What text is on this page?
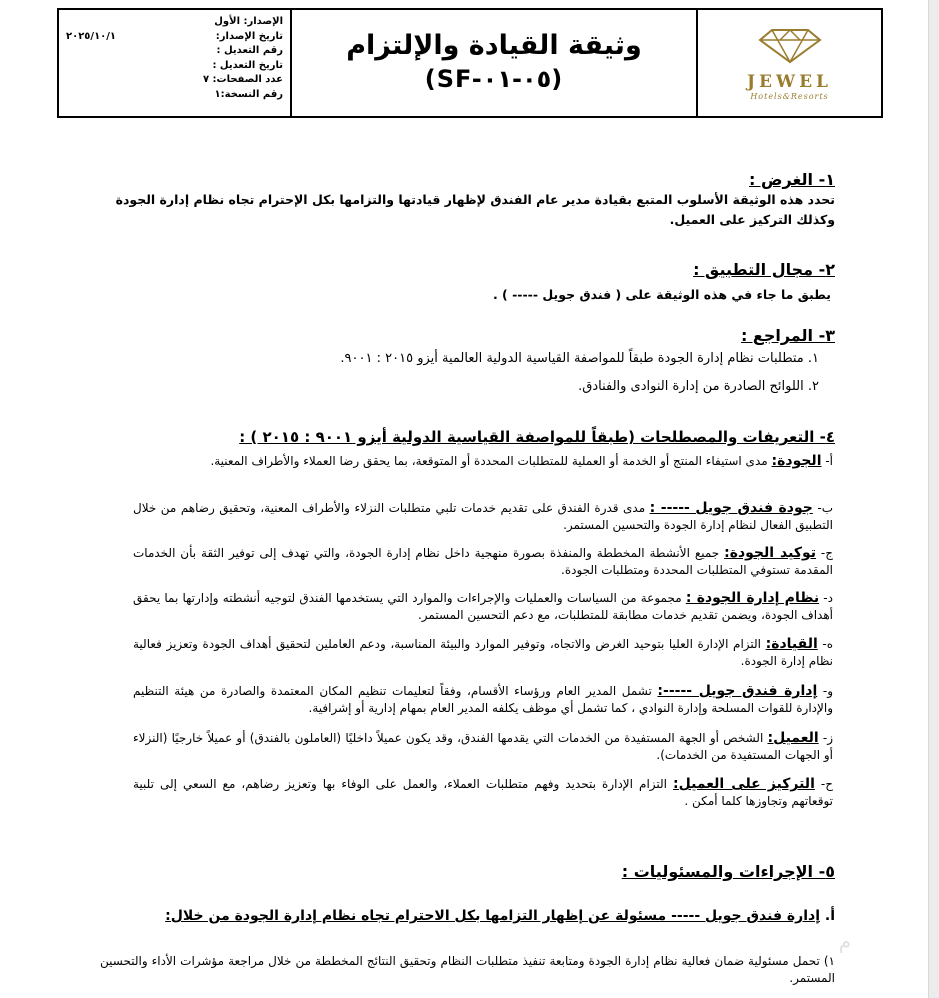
الإصدار: الأول
تاريخ الإصدار:
٢٠٢٥/١٠/١
رقم التعديل :
تاريخ التعديل :
عدد الصفحات: ٧
رقم النسخة:١
وثيقة القيادة والإلتزام
(SF-٠٥-٠١)	JEWEL
Hotels&Resorts
١- الغرض :
تحدد هذه الوثيقة الأسلوب المتبع بقيادة مدير عام الفندق لإظهار قيادتها والتزامها بكل الإحترام تجاه نظام إدارة الجودة وكذلك التركيز على العميل.
٢- مجال التطبيق :
يطبق ما جاء في هذه الوثيقة على ( فندق جويل ----- ) .
٣- المراجع :
١. متطلبات نظام إدارة الجودة طبقاً للمواصفة القياسية الدولية العالمية أيزو ٢٠١٥ : ٩٠٠١.
٢. اللوائح الصادرة من إدارة النوادى والفنادق.
٤- التعريفات والمصطلحات (طبقاً للمواصفة القياسية الدولية أيزو ٩٠٠١ : ٢٠١٥ ) :
أ- الجودة: مدى استيفاء المنتج أو الخدمة أو العملية للمتطلبات المحددة أو المتوقعة، بما يحقق رضا العملاء والأطراف المعنية.
ب- جودة فندق جويل ----- : مدى قدرة الفندق على تقديم خدمات تلبي متطلبات النزلاء والأطراف المعنية، وتحقيق رضاهم من خلال التطبيق الفعال لنظام إدارة الجودة والتحسين المستمر.
ج- توكيد الجودة: جميع الأنشطة المخططة والمنفذة بصورة منهجية داخل نظام إدارة الجودة، والتي تهدف إلى توفير الثقة بأن الخدمات المقدمة تستوفي المتطلبات المحددة ومتطلبات الجودة.
د- نظام إدارة الجودة : مجموعة من السياسات والعمليات والإجراءات والموارد التي يستخدمها الفندق لتوجيه أنشطته وإدارتها بما يحقق أهداف الجودة، ويضمن تقديم خدمات مطابقة للمتطلبات، مع دعم التحسين المستمر.
ه- القيادة: التزام الإدارة العليا بتوحيد الغرض والاتجاه، وتوفير الموارد والبيئة المناسبة، ودعم العاملين لتحقيق أهداف الجودة وتعزيز فعالية نظام إدارة الجودة.
و- إدارة فندق جويل -----: تشمل المدير العام ورؤساء الأقسام، وفقاً لتعليمات تنظيم المكان المعتمدة والصادرة من هيئة التنظيم والإدارة للقوات المسلحة وإدارة النوادي ، كما تشمل أي موظف يكلفه المدير العام بمهام إدارية أو إشرافية.
ز- العميل: الشخص أو الجهة المستفيدة من الخدمات التي يقدمها الفندق، وقد يكون عميلاً داخليًا (العاملون بالفندق) أو عميلاً خارجيًا (النزلاء أو الجهات المستفيدة من الخدمات).
ح- التركيز على العميل: التزام الإدارة بتحديد وفهم متطلبات العملاء، والعمل على الوفاء بها وتعزيز رضاهم، مع السعي إلى تلبية توقعاتهم وتجاوزها كلما أمكن .
٥- الإجراءات والمسئوليات :
أ. إدارة فندق جويل ----- مسئولة عن إظهار التزامها بكل الاحترام تجاه نظام إدارة الجودة من خلال:
١) تحمل مسئولية ضمان فعالية نظام إدارة الجودة ومتابعة تنفيذ متطلبات النظام وتحقيق النتائج المخططة من خلال مراجعة مؤشرات الأداء والتحسين المستمر.
م
